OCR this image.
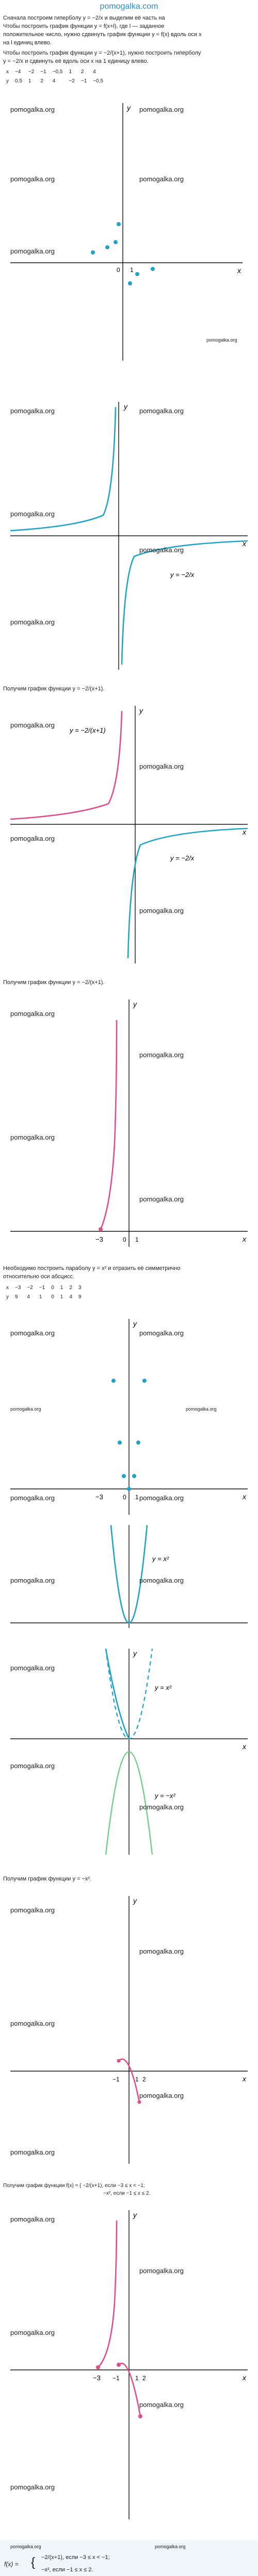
pomogalka.com
Сначала построим гиперболу y = −2/x и выделим её часть на
Чтобы построить график функции y = f(x+l), где l — заданное
положительное число, нужно сдвинуть график функции y = f(x) вдоль оси x
на l единиц влево.
Чтобы построить график функции y = −2/(x+1), нужно построить гиперболу
y = −2/x и сдвинуть её вдоль оси x на 1 единицу влево.
x	−4	−2	−1	−0,5	1	2	4
y	0,5	1	2	4	−2	−1	−0,5
x
y
0 1
pomogalka.org	pomogalka.org
pomogalka.org	pomogalka.org
pomogalka.org
pomogalka.org
x
y
y = −2/x
pomogalka.org	pomogalka.org
pomogalka.org
pomogalka.org
pomogalka.org
Получим график функции y = −2/(x+1).
x
y
y = −2/(x+1)
y = −2/x
pomogalka.org
pomogalka.org
pomogalka.org
pomogalka.org
Получим график функции y = −2/(x+1).
x
y
−3	0 1
pomogalka.org
pomogalka.org
pomogalka.org
pomogalka.org
Необходимо построить параболу y = x² и отразить её симметрично
относительно оси абсцисс.
x	−3	−2	−1	0	1	2	3
y	9	4	1	0	1	4	9
x
y
−3	0 1
pomogalka.org	pomogalka.org
pomogalka.org	pomogalka.org
pomogalka.org	pomogalka.org
y = x²
pomogalka.org	pomogalka.org
y
x
y = x²
y = −x²
pomogalka.org
pomogalka.org
pomogalka.org
Получим график функции y = −x².
y
x
−1	1 2
pomogalka.org
pomogalka.org
pomogalka.org
pomogalka.org
pomogalka.org
Получим график функции f(x) = { −2/(x+1), если −3 ≤ x < −1;
−x², если −1 ≤ x ≤ 2.
y
x
−3 −1	1 2
pomogalka.org
pomogalka.org
pomogalka.org
pomogalka.org
pomogalka.org
f(x) = { −2/(x+1), если −3 ≤ x < −1;
−x², если −1 ≤ x ≤ 2.
pomogalka.org	pomogalka.org
